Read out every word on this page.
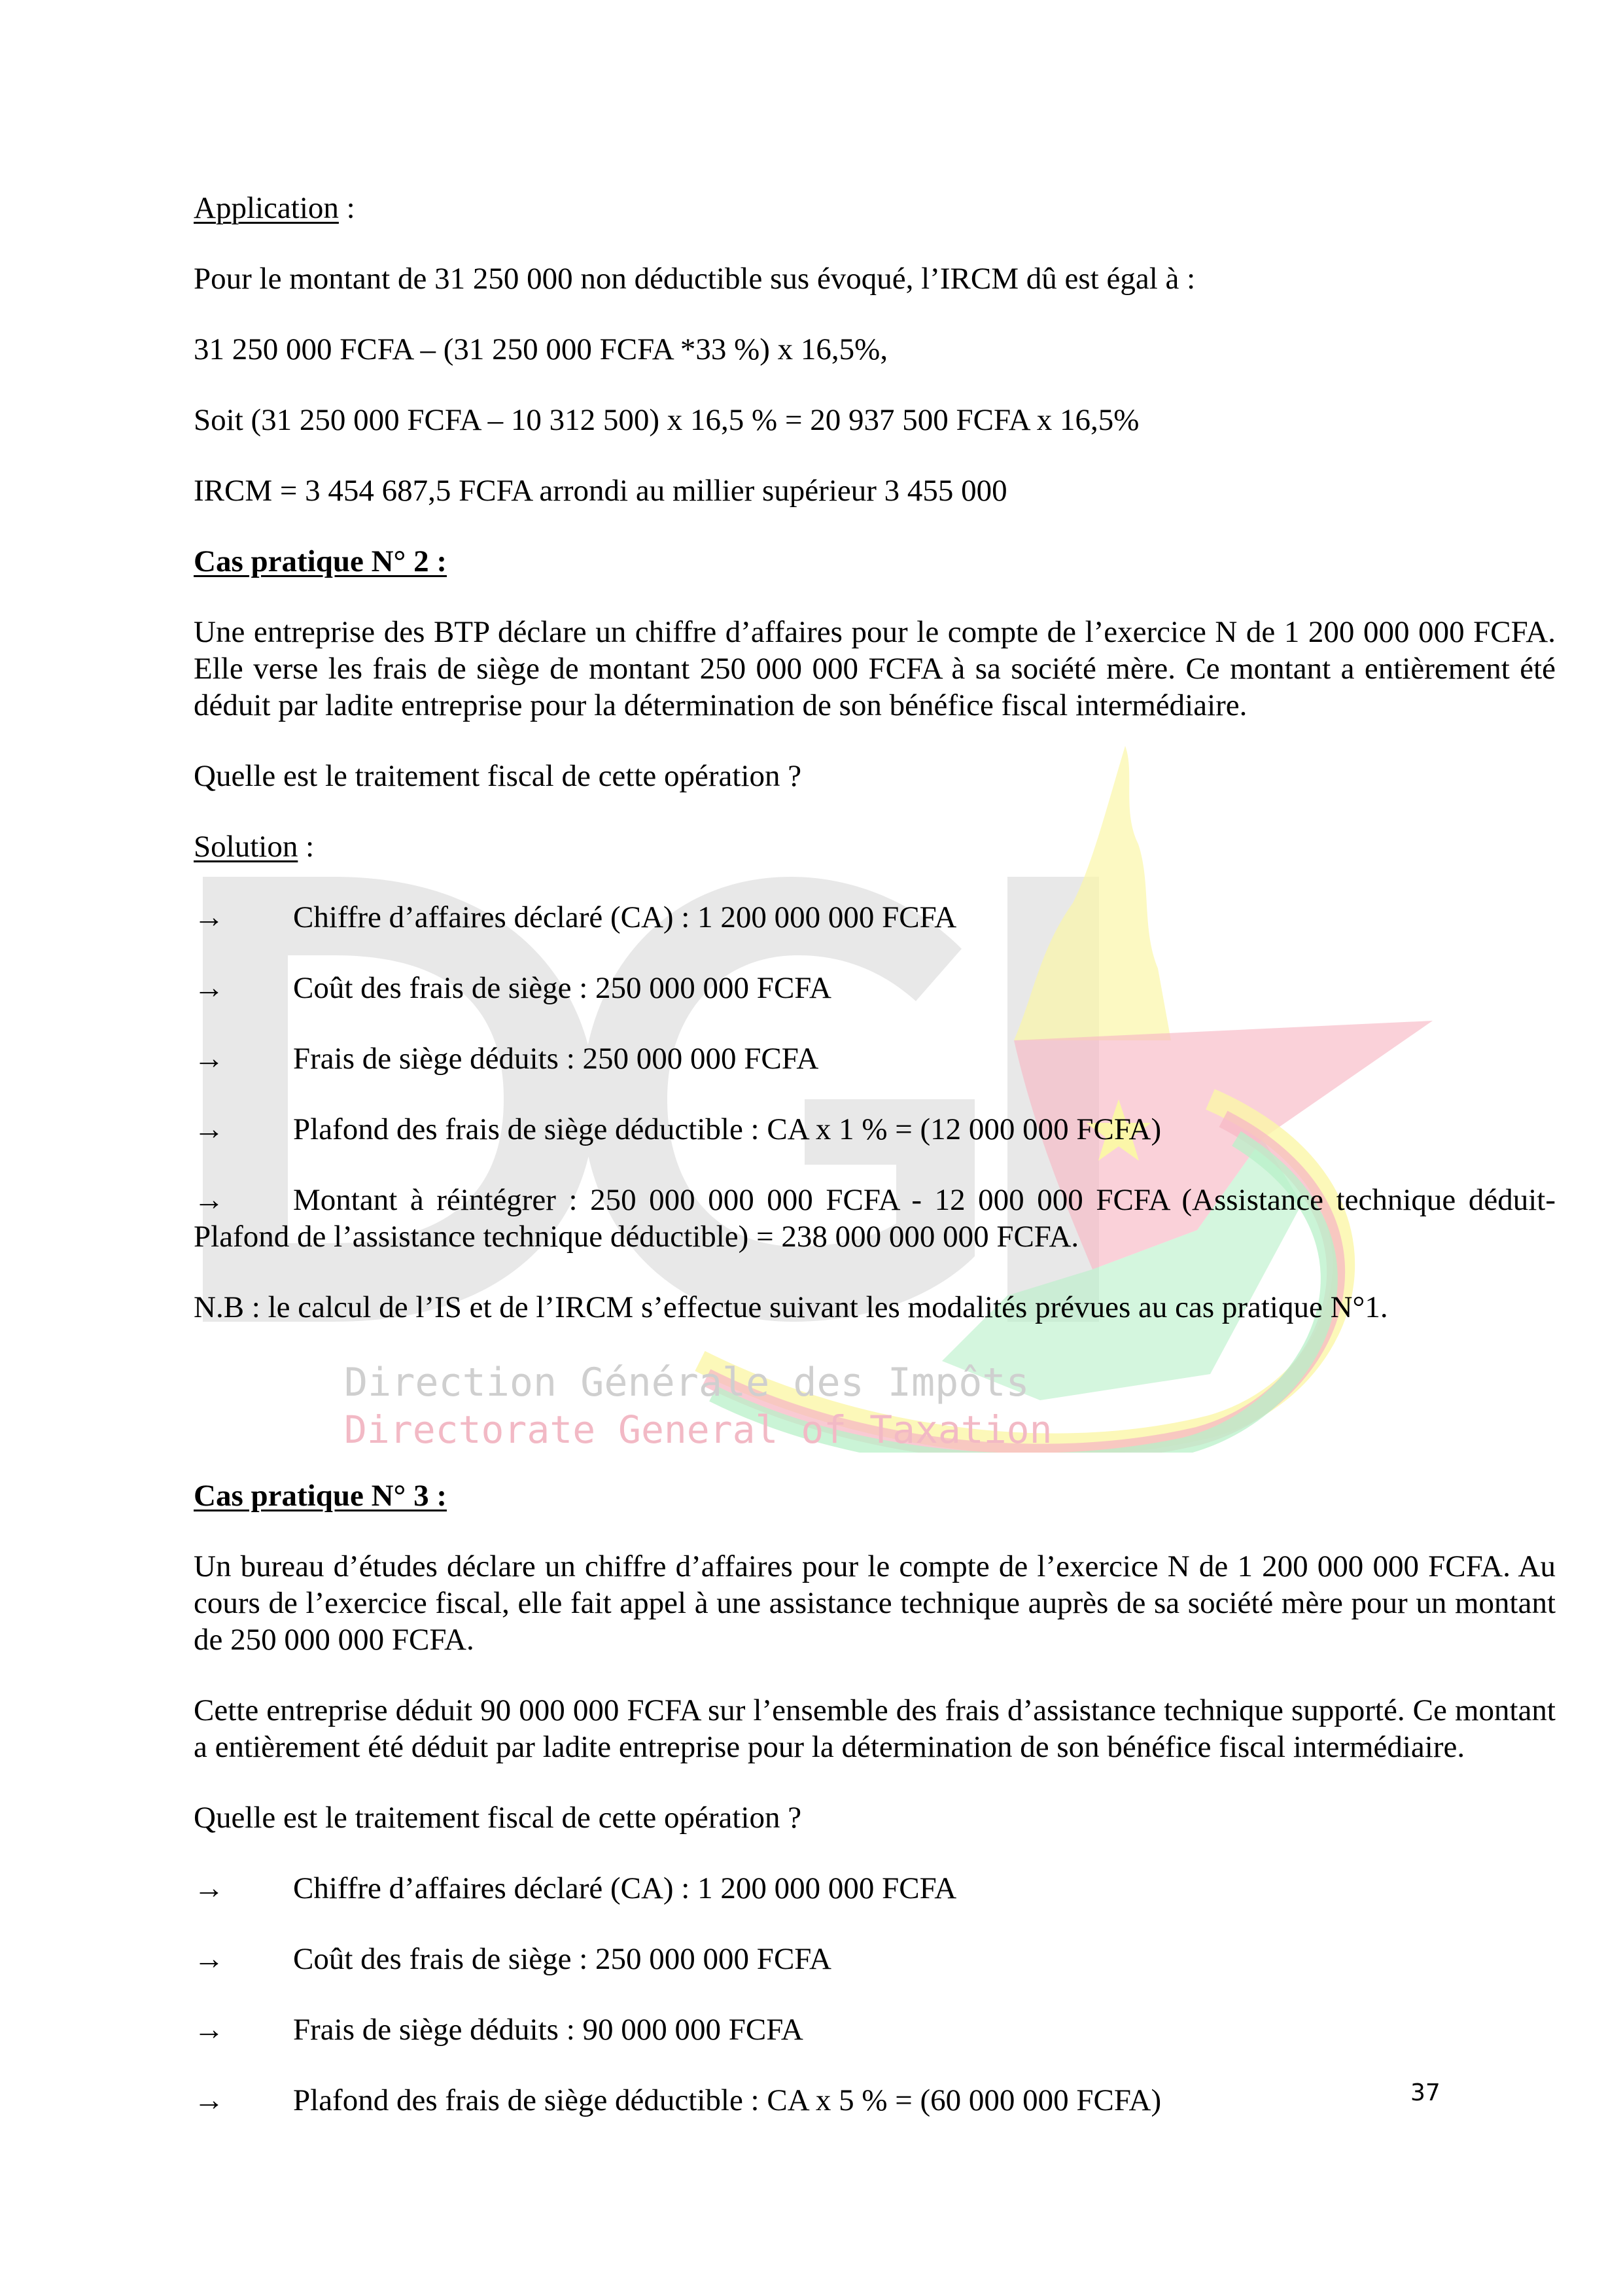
Application :

Pour le montant de 31 250 000 non déductible sus évoqué, l’IRCM dû est égal à :

31 250 000 FCFA – (31 250 000 FCFA *33 %) x 16,5%,

Soit (31 250 000 FCFA – 10 312 500) x 16,5 % = 20 937 500 FCFA x 16,5%

IRCM = 3 454 687,5 FCFA arrondi au millier supérieur 3 455 000

Cas pratique N° 2 :

Une entreprise des BTP déclare un chiffre d’affaires pour le compte de l’exercice N de 1 200 000 000 FCFA. Elle verse les frais de siège de montant 250 000 000 FCFA à sa société mère. Ce montant a entièrement été déduit par ladite entreprise pour la détermination de son bénéfice fiscal intermédiaire.

Quelle est le traitement fiscal de cette opération ?

Solution :

→	Chiffre d’affaires déclaré (CA) : 1 200 000 000 FCFA
→	Coût des frais de siège : 250 000 000 FCFA
→	Frais de siège déduits : 250 000 000 FCFA
→	Plafond des frais de siège déductible : CA x 1 % = (12 000 000 FCFA)
→ Montant à réintégrer : 250 000 000 000 FCFA - 12 000 000 FCFA (Assistance technique déduit- Plafond de l’assistance technique déductible) = 238 000 000 000 FCFA.

N.B : le calcul de l’IS et de l’IRCM s’effectue suivant les modalités prévues au cas pratique N°1.

Direction Générale des Impôts
Directorate General of Taxation

Cas pratique N° 3 :

Un bureau d’études déclare un chiffre d’affaires pour le compte de l’exercice N de 1 200 000 000 FCFA. Au cours de l’exercice fiscal, elle fait appel à une assistance technique auprès de sa société mère pour un montant de 250 000 000 FCFA.

Cette entreprise déduit 90 000 000 FCFA sur l’ensemble des frais d’assistance technique supporté. Ce montant a entièrement été déduit par ladite entreprise pour la détermination de son bénéfice fiscal intermédiaire.

Quelle est le traitement fiscal de cette opération ?

→	Chiffre d’affaires déclaré (CA) : 1 200 000 000 FCFA
→	Coût des frais de siège : 250 000 000 FCFA
→	Frais de siège déduits : 90 000 000 FCFA
→	Plafond des frais de siège déductible : CA x 5 % = (60 000 000 FCFA)	37
